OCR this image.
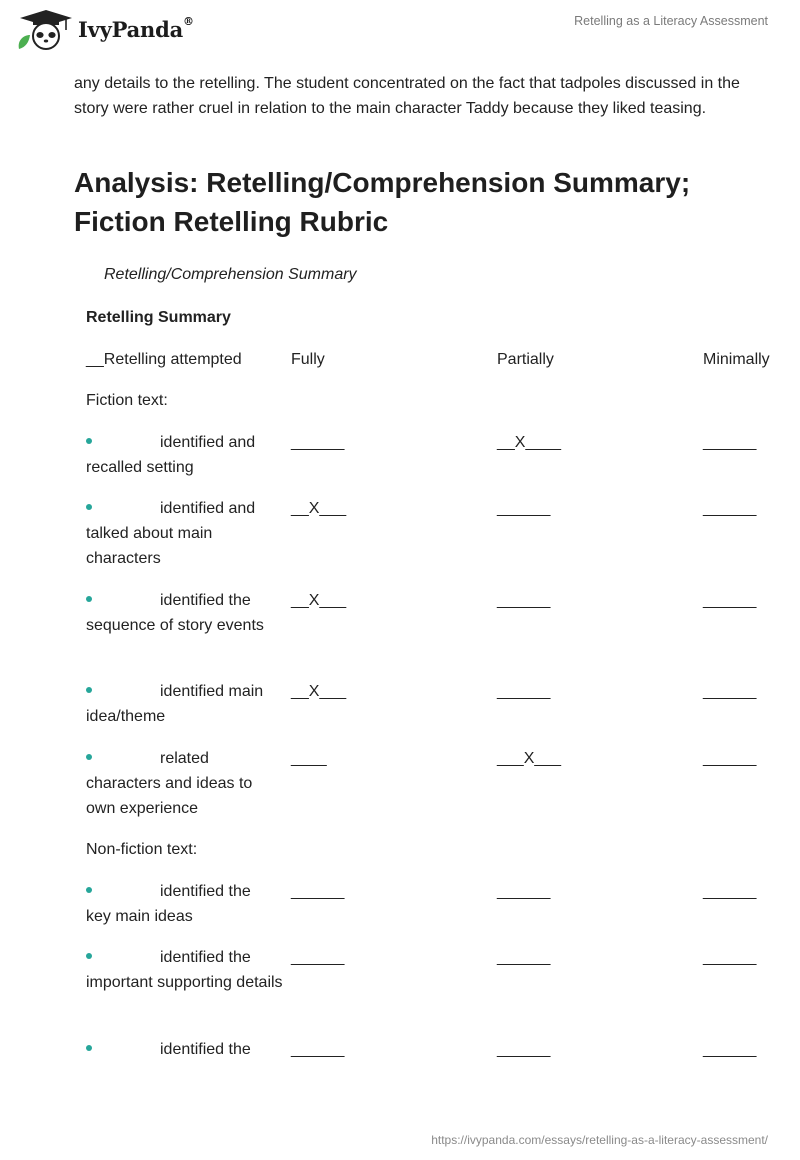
IvyPanda®	Retelling as a Literacy Assessment

any details to the retelling. The student concentrated on the fact that tadpoles discussed in the story were rather cruel in relation to the main character Taddy because they liked teasing.

Analysis: Retelling/Comprehension Summary; Fiction Retelling Rubric
Retelling/Comprehension Summary
Retelling Summary
__Retelling attempted	Fully	Partially	Minimally
Fiction text:
identified and
recalled setting
______	__X____	______
identified and
talked about main characters
__X___	______	______
identified the
sequence of story events
__X___	______	______
identified main
idea/theme
__X___	______	______
related
characters and ideas to own experience
____	___X___	______
Non-fiction text:
identified the
key main ideas
______	______	______
identified the
important supporting details
______	______	______
identified the	______	______	______
https://ivypanda.com/essays/retelling-as-a-literacy-assessment/
